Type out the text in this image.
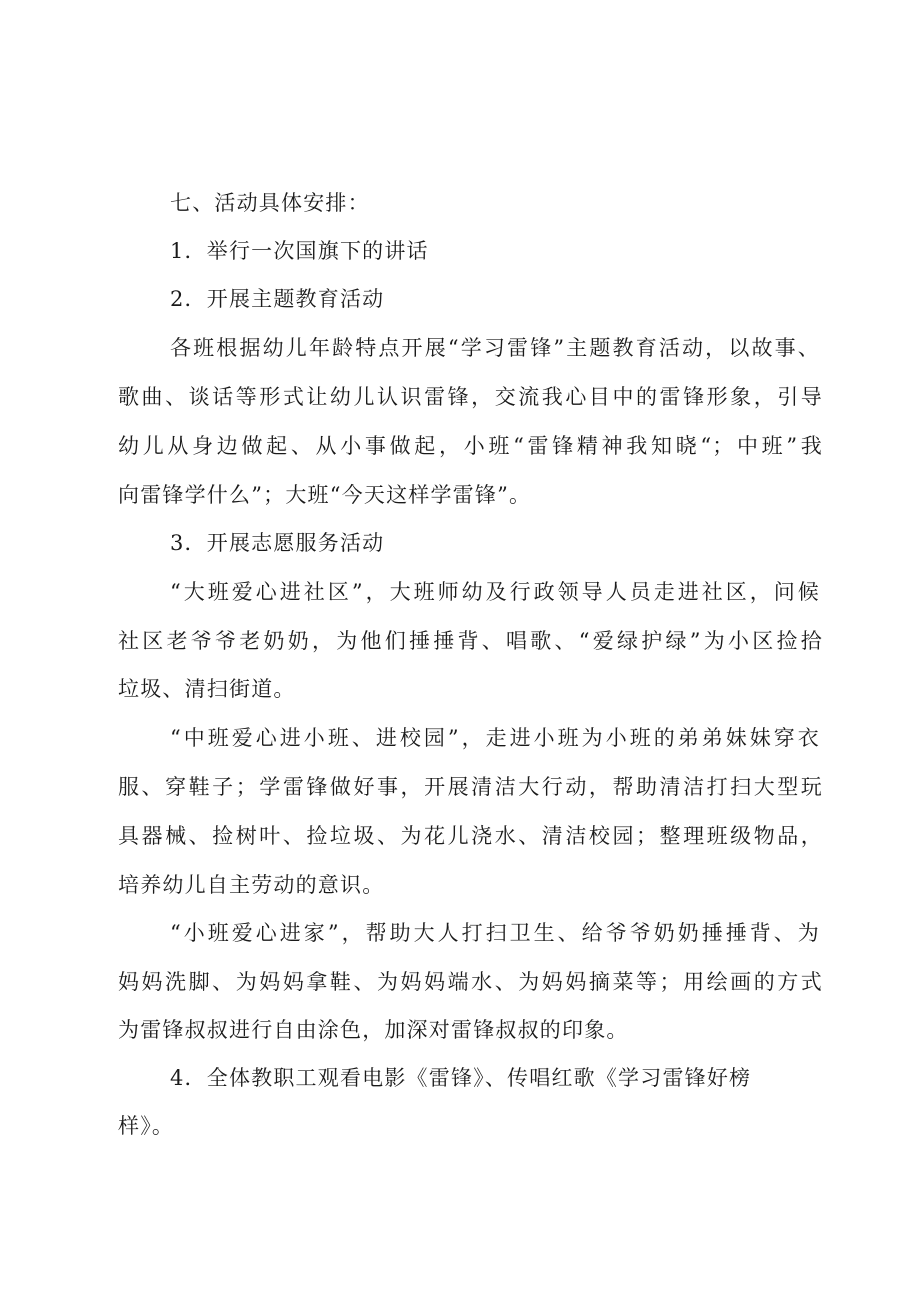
七、活动具体安排：
1．举行一次国旗下的讲话
2．开展主题教育活动
各班根据幼儿年龄特点开展“学习雷锋”主题教育活动，以故事、
歌曲、谈话等形式让幼儿认识雷锋，交流我心目中的雷锋形象，引导
幼儿从身边做起、从小事做起，小班“雷锋精神我知晓“；中班”我
向雷锋学什么”；大班“今天这样学雷锋”。
3．开展志愿服务活动
“大班爱心进社区”，大班师幼及行政领导人员走进社区，问候
社区老爷爷老奶奶，为他们捶捶背、唱歌、“爱绿护绿”为小区捡拾
垃圾、清扫街道。
“中班爱心进小班、进校园”，走进小班为小班的弟弟妹妹穿衣
服、穿鞋子；学雷锋做好事，开展清洁大行动，帮助清洁打扫大型玩
具器械、捡树叶、捡垃圾、为花儿浇水、清洁校园；整理班级物品，
培养幼儿自主劳动的意识。
“小班爱心进家”，帮助大人打扫卫生、给爷爷奶奶捶捶背、为
妈妈洗脚、为妈妈拿鞋、为妈妈端水、为妈妈摘菜等；用绘画的方式
为雷锋叔叔进行自由涂色，加深对雷锋叔叔的印象。
4．全体教职工观看电影《雷锋》、传唱红歌《学习雷锋好榜
样》。
